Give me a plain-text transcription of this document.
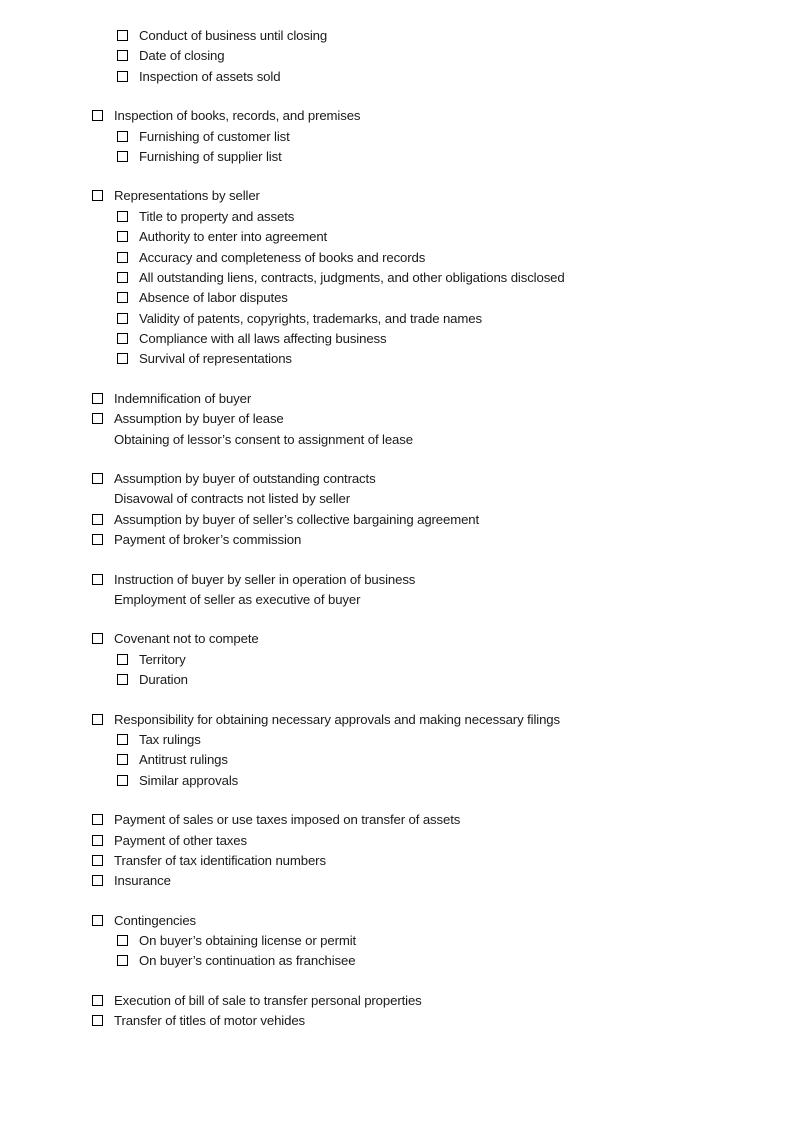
Conduct of business until closing
Date of closing
Inspection of assets sold
Inspection of books, records, and premises
Furnishing of customer list
Furnishing of supplier list
Representations by seller
Title to property and assets
Authority to enter into agreement
Accuracy and completeness of books and records
All outstanding liens, contracts, judgments, and other obligations disclosed
Absence of labor disputes
Validity of patents, copyrights, trademarks, and trade names
Compliance with all laws affecting business
Survival of representations
Indemnification of buyer
Assumption by buyer of lease
Obtaining of lessor’s consent to assignment of lease
Assumption by buyer of outstanding contracts
Disavowal of contracts not listed by seller
Assumption by buyer of seller’s collective bargaining agreement
Payment of broker’s commission
Instruction of buyer by seller in operation of business
Employment of seller as executive of buyer
Covenant not to compete
Territory
Duration
Responsibility for obtaining necessary approvals and making necessary filings
Tax rulings
Antitrust rulings
Similar approvals
Payment of sales or use taxes imposed on transfer of assets
Payment of other taxes
Transfer of tax identification numbers
Insurance
Contingencies
On buyer’s obtaining license or permit
On buyer’s continuation as franchisee
Execution of bill of sale to transfer personal properties
Transfer of titles of motor vehides
